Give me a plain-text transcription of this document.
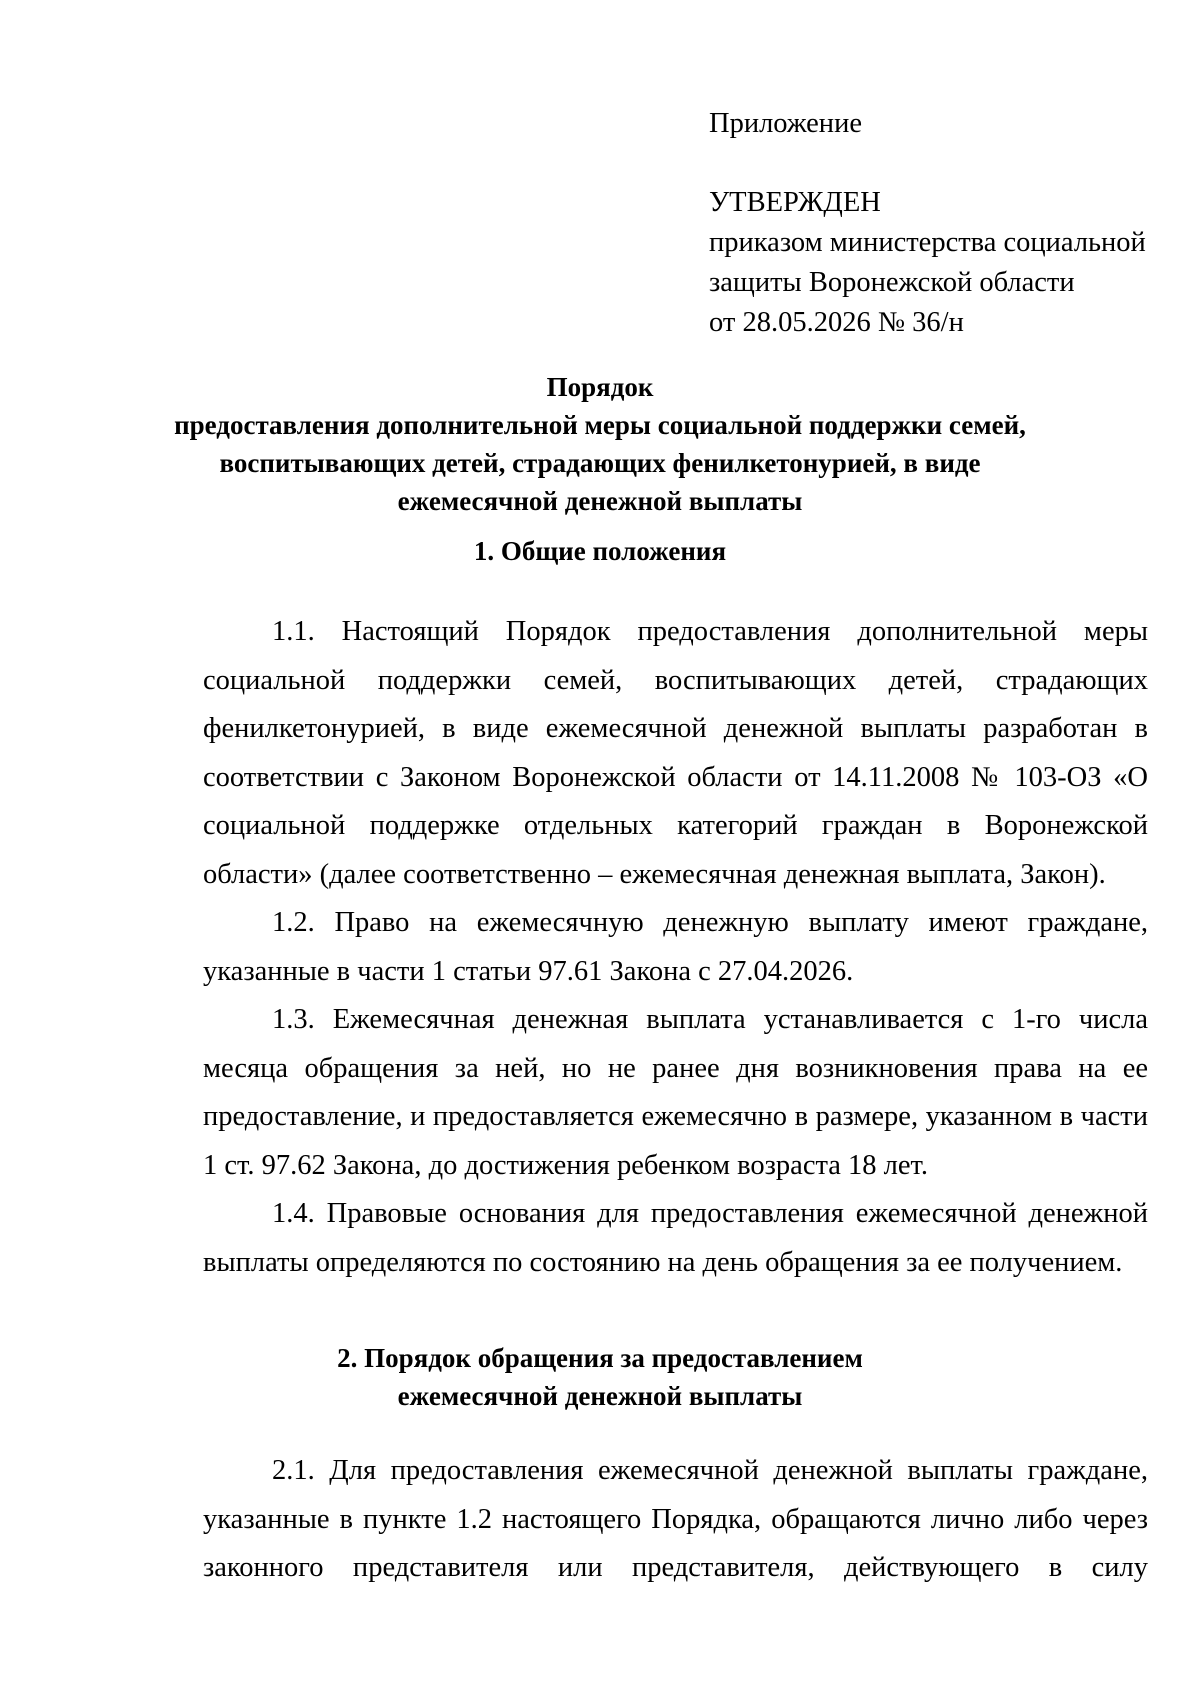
Приложение
УТВЕРЖДЕН
приказом министерства социальной
защиты Воронежской области
от 28.05.2026 № 36/н
Порядок
предоставления дополнительной меры социальной поддержки семей,
воспитывающих детей, страдающих фенилкетонурией, в виде
ежемесячной денежной выплаты
1. Общие положения
1.1. Настоящий Порядок предоставления дополнительной меры
социальной поддержки семей, воспитывающих детей, страдающих
фенилкетонурией, в виде ежемесячной денежной выплаты разработан в
соответствии с Законом Воронежской области от 14.11.2008 № 103-ОЗ «О
социальной поддержке отдельных категорий граждан в Воронежской
области» (далее соответственно – ежемесячная денежная выплата, Закон).
1.2. Право на ежемесячную денежную выплату имеют граждане,
указанные в части 1 статьи 97.61 Закона с 27.04.2026.
1.3. Ежемесячная денежная выплата устанавливается с 1-го числа
месяца обращения за ней, но не ранее дня возникновения права на ее
предоставление, и предоставляется ежемесячно в размере, указанном в части
1 ст. 97.62 Закона, до достижения ребенком возраста 18 лет.
1.4. Правовые основания для предоставления ежемесячной денежной
выплаты определяются по состоянию на день обращения за ее получением.
2. Порядок обращения за предоставлением
ежемесячной денежной выплаты
2.1. Для предоставления ежемесячной денежной выплаты граждане,
указанные в пункте 1.2 настоящего Порядка, обращаются лично либо через
законного представителя или представителя, действующего в силу
